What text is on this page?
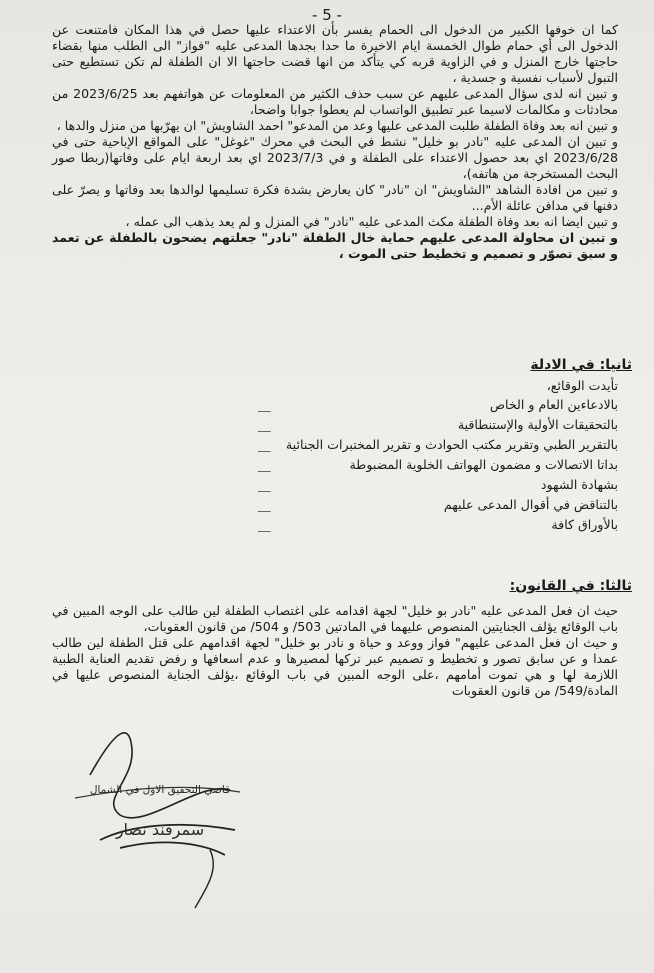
- 5 -

كما ان خوفها الكبير من الدخول الى الحمام يفسر بأن الاعتداء عليها حصل في هذا المكان فامتنعت عن الدخول الى أي حمام طوال الخمسة ايام الاخيرة ما حدا بجدها المدعى عليه "فواز" الى الطلب منها بقضاء حاجتها خارج المنزل و في الزاوية قربه كي يتأكد من انها قضت حاجتها الا ان الطفلة لم تكن تستطيع حتى التبول لأسباب نفسية و جسدية ،

و تبين انه لدى سؤال المدعى عليهم عن سبب حذف الكثير من المعلومات عن هواتفهم بعد 2023/6/25 من محادثات و مكالمات لاسيما عبر تطبيق الواتساب لم يعطوا جوابا واضحا،

و تبين انه بعد وفاة الطفلة طلبت المدعى عليها وعد من المدعو" احمد الشاويش" ان يهرّبها من منزل والدها ،

و تبين ان المدعى عليه "نادر بو خليل" نشط في البحث في محرك "غوغل" على المواقع الإباحية حتى في 2023/6/28 اي بعد حصول الاعتداء على الطفلة و في 2023/7/3 اي بعد اربعة ايام على وفاتها(ربطا صور البحث المستخرجة من هاتفه)،

و تبين من افادة الشاهد "الشاويش" ان "نادر" كان يعارض بشدة فكرة تسليمها لوالدها بعد وفاتها و يصرّ على دفنها في مدافن عائلة الأم...

و تبين ايضا انه بعد وفاة الطفلة مكث المدعى عليه "نادر" في المنزل و لم يعد يذهب الى عمله ،

و تبين ان محاولة المدعى عليهم حماية خال الطفلة "نادر" جعلتهم يضحون بالطفلة عن تعمد و سبق تصوّر و تصميم و تخطيط حتى الموت ،

ثانيا: في الادلة

تأيدت الوقائع،

بالادعاءين العام و الخاص
__
بالتحقيقات الأولية والإستنطاقية
__
بالتقرير الطبي وتقرير مكتب الحوادث و تقرير المختبرات الجنائية
__
بداتا الاتصالات و مضمون الهواتف الخلوية المضبوطة
__
بشهادة الشهود
__
بالتناقض في أقوال المدعى عليهم
__
بالأوراق كافة
__
ثالثا: في القانون:

حيث ان فعل المدعى عليه "نادر بو خليل" لجهة اقدامه على اغتصاب الطفلة لين طالب على الوجه المبين في باب الوقائع يؤلف الجنايتين المنصوص عليهما في المادتين 503/ و 504/ من قانون العقوبات،

و حيث ان فعل المدعى عليهم" فواز ووعد و حياة و نادر بو خليل" لجهة اقدامهم على قتل الطفلة لين طالب عمدا و عن سابق تصور و تخطيط و تصميم عبر تركها لمصيرها و عدم اسعافها و رفض تقديم العناية الطبية اللازمة لها و هي تموت أمامهم ،على الوجه المبين في باب الوقائع ،يؤلف الجناية المنصوص عليها في المادة/549/ من قانون العقوبات

قاضي التحقيق الاول في الشمال
سمرقند نصار
